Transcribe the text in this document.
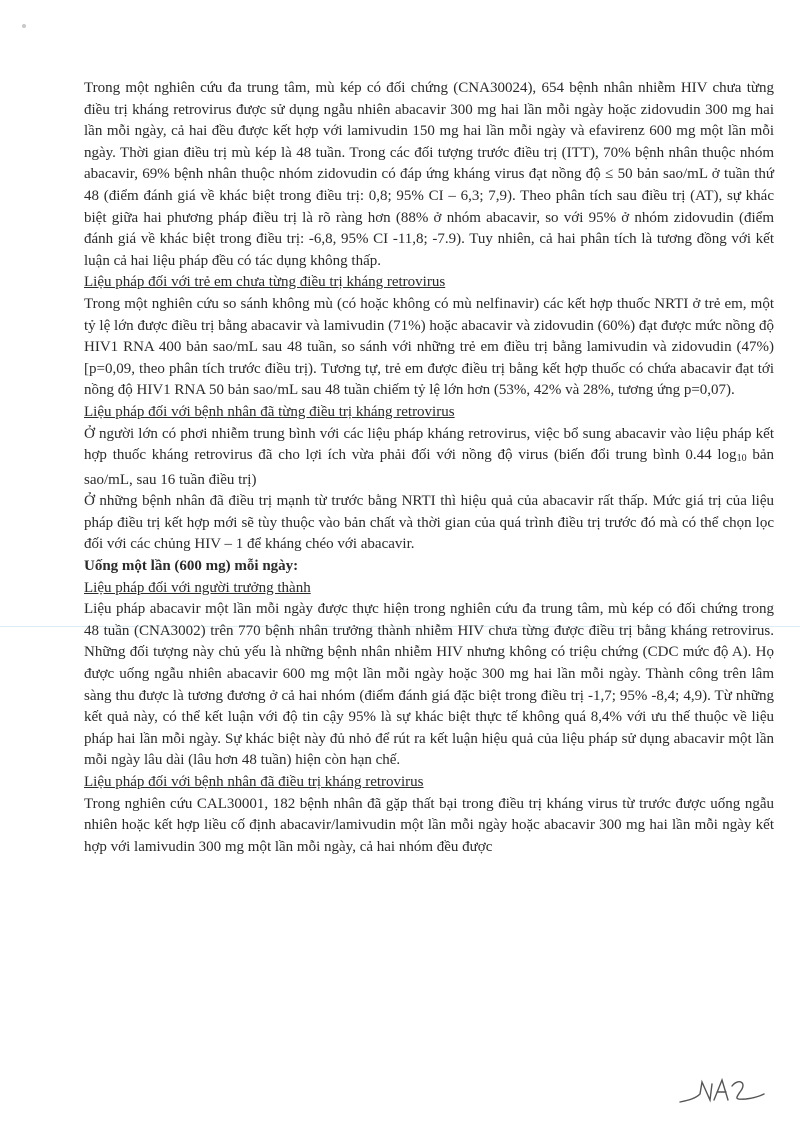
Trong một nghiên cứu đa trung tâm, mù kép có đối chứng (CNA30024), 654 bệnh nhân nhiễm HIV chưa từng điều trị kháng retrovirus được sử dụng ngẫu nhiên abacavir 300 mg hai lần mỗi ngày hoặc zidovudin 300 mg hai lần mỗi ngày, cả hai đều được kết hợp với lamivudin 150 mg hai lần mỗi ngày và efavirenz 600 mg một lần mỗi ngày. Thời gian điều trị mù kép là 48 tuần. Trong các đối tượng trước điều trị (ITT), 70% bệnh nhân thuộc nhóm abacavir, 69% bệnh nhân thuộc nhóm zidovudin có đáp ứng kháng virus đạt nồng độ ≤ 50 bản sao/mL ở tuần thứ 48 (điểm đánh giá về khác biệt trong điều trị: 0,8; 95% CI – 6,3; 7,9). Theo phân tích sau điều trị (AT), sự khác biệt giữa hai phương pháp điều trị là rõ ràng hơn (88% ở nhóm abacavir, so với 95% ở nhóm zidovudin (điểm đánh giá về khác biệt trong điều trị: -6,8, 95% CI -11,8; -7.9). Tuy nhiên, cả hai phân tích là tương đồng với kết luận cả hai liệu pháp đều có tác dụng không thấp.

Liệu pháp đối với trẻ em chưa từng điều trị kháng retrovirus

Trong một nghiên cứu so sánh không mù (có hoặc không có mù nelfinavir) các kết hợp thuốc NRTI ở trẻ em, một tỷ lệ lớn được điều trị bằng abacavir và lamivudin (71%) hoặc abacavir và zidovudin (60%) đạt được mức nồng độ HIV1 RNA 400 bản sao/mL sau 48 tuần, so sánh với những trẻ em điều trị bằng lamivudin và zidovudin (47%) [p=0,09, theo phân tích trước điều trị). Tương tự, trẻ em được điều trị bằng kết hợp thuốc có chứa abacavir đạt tới nồng độ HIV1 RNA 50 bản sao/mL sau 48 tuần chiếm tỷ lệ lớn hơn (53%, 42% và 28%, tương ứng p=0,07).

Liệu pháp đối với bệnh nhân đã từng điều trị kháng retrovirus

Ở người lớn có phơi nhiễm trung bình với các liệu pháp kháng retrovirus, việc bổ sung abacavir vào liệu pháp kết hợp thuốc kháng retrovirus đã cho lợi ích vừa phải đối với nồng độ virus (biến đổi trung bình 0.44 $\log_{10}$ bản sao/mL, sau 16 tuần điều trị)

Ở những bệnh nhân đã điều trị mạnh từ trước bằng NRTI thì hiệu quả của abacavir rất thấp. Mức giá trị của liệu pháp điều trị kết hợp mới sẽ tùy thuộc vào bản chất và thời gian của quá trình điều trị trước đó mà có thể chọn lọc đối với các chủng HIV – 1 để kháng chéo với abacavir.

Uống một lần (600 mg) mỗi ngày:

Liệu pháp đối với người trưởng thành

Liệu pháp abacavir một lần mỗi ngày được thực hiện trong nghiên cứu đa trung tâm, mù kép có đối chứng trong 48 tuần (CNA3002) trên 770 bệnh nhân trưởng thành nhiễm HIV chưa từng được điều trị bằng kháng retrovirus. Những đối tượng này chủ yếu là những bệnh nhân nhiễm HIV nhưng không có triệu chứng (CDC mức độ A). Họ được uống ngẫu nhiên abacavir 600 mg một lần mỗi ngày hoặc 300 mg hai lần mỗi ngày. Thành công trên lâm sàng thu được là tương đương ở cả hai nhóm (điểm đánh giá đặc biệt trong điều trị -1,7; 95% -8,4; 4,9). Từ những kết quả này, có thể kết luận với độ tin cậy 95% là sự khác biệt thực tế không quá 8,4% với ưu thế thuộc về liệu pháp hai lần mỗi ngày. Sự khác biệt này đủ nhỏ để rút ra kết luận hiệu quả của liệu pháp sử dụng abacavir một lần mỗi ngày lâu dài (lâu hơn 48 tuần) hiện còn hạn chế.

Liệu pháp đối với bệnh nhân đã điều trị kháng retrovirus

Trong nghiên cứu CAL30001, 182 bệnh nhân đã gặp thất bại trong điều trị kháng virus từ trước được uống ngẫu nhiên hoặc kết hợp liều cố định abacavir/lamivudin một lần mỗi ngày hoặc abacavir 300 mg hai lần mỗi ngày kết hợp với lamivudin 300 mg một lần mỗi ngày, cả hai nhóm đều được
